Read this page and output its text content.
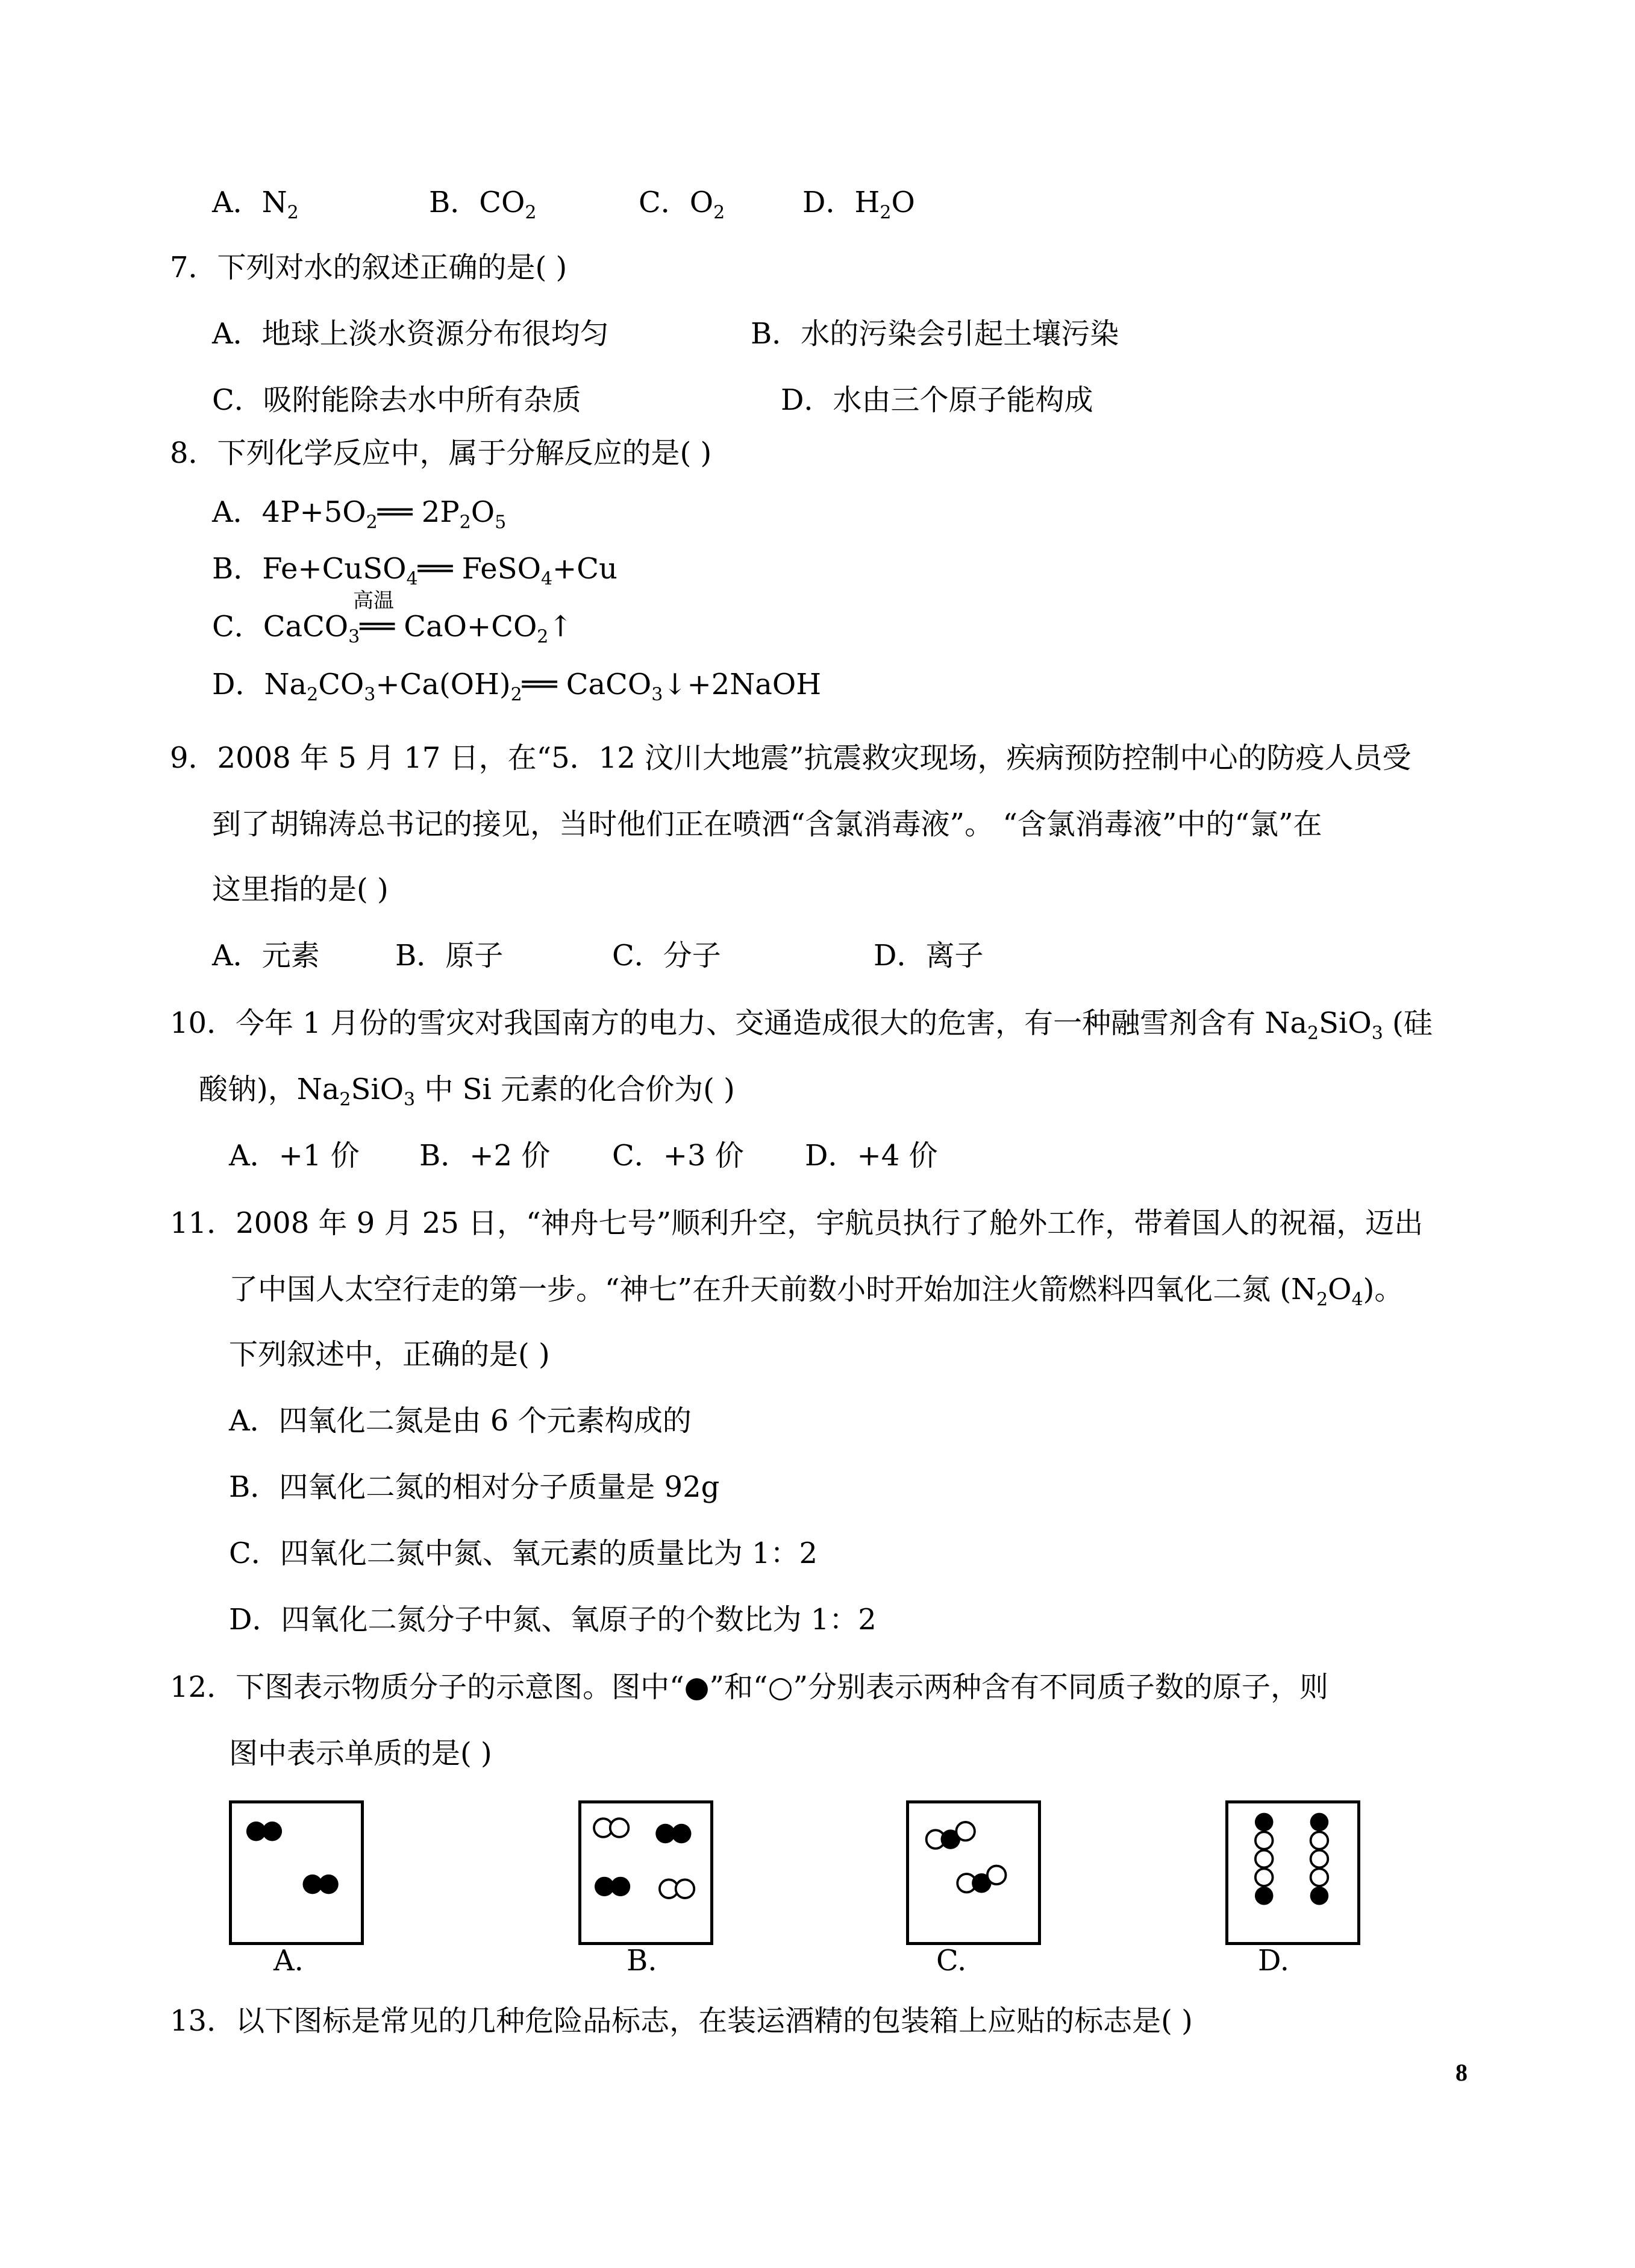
A．$N_2$	B．$CO_2$	C．$O_2$	D．$H_2O$
7．下列对水的叙述正确的是( )
A．地球上淡水资源分布很均匀	B．水的污染会引起土壤污染
C．吸附能除去水中所有杂质	D．水由三个原子能构成
8．下列化学反应中，属于分解反应的是( )
A．$4P+5O_2══$ $2P_2O_5$
B．Fe+CuSO$_4$══ FeSO$_4$+Cu
高温
C．CaCO$_3$══ $CaO+CO_2↑$
D．$Na_2CO_3+Ca(OH)_2══$ CaCO$_3$↓+2NaOH
9．2008 年 5 月 17 日，在“5．12 汶川大地震”抗震救灾现场，疾病预防控制中心的防疫人员受
到了胡锦涛总书记的接见，当时他们正在喷洒“含氯消毒液”。 “含氯消毒液”中的“氯”在
这里指的是( )
A．元素	B．原子	C．分子	D．离子
10．今年 1 月份的雪灾对我国南方的电力、交通造成很大的危害，有一种融雪剂含有 $Na_2SiO_3$ (硅
酸钠)，$Na_2SiO_3$ 中 Si 元素的化合价为( )
A．+1 价 B．+2 价 C．+3 价 D．+4 价
11．2008 年 9 月 25 日，“神舟七号”顺利升空，宇航员执行了舱外工作，带着国人的祝福，迈出
了中国人太空行走的第一步。“神七”在升天前数小时开始加注火箭燃料四氧化二氮 $(N_2O_4)$。
下列叙述中，正确的是( )
A．四氧化二氮是由 6 个元素构成的
B．四氧化二氮的相对分子质量是 92g
C．四氧化二氮中氮、氧元素的质量比为 1：2
D．四氧化二氮分子中氮、氧原子的个数比为 1：2
12．下图表示物质分子的示意图。图中“●”和“○”分别表示两种含有不同质子数的原子，则
图中表示单质的是( )
A.	B.	C.	D.
13．以下图标是常见的几种危险品标志，在装运酒精的包装箱上应贴的标志是( )
8
